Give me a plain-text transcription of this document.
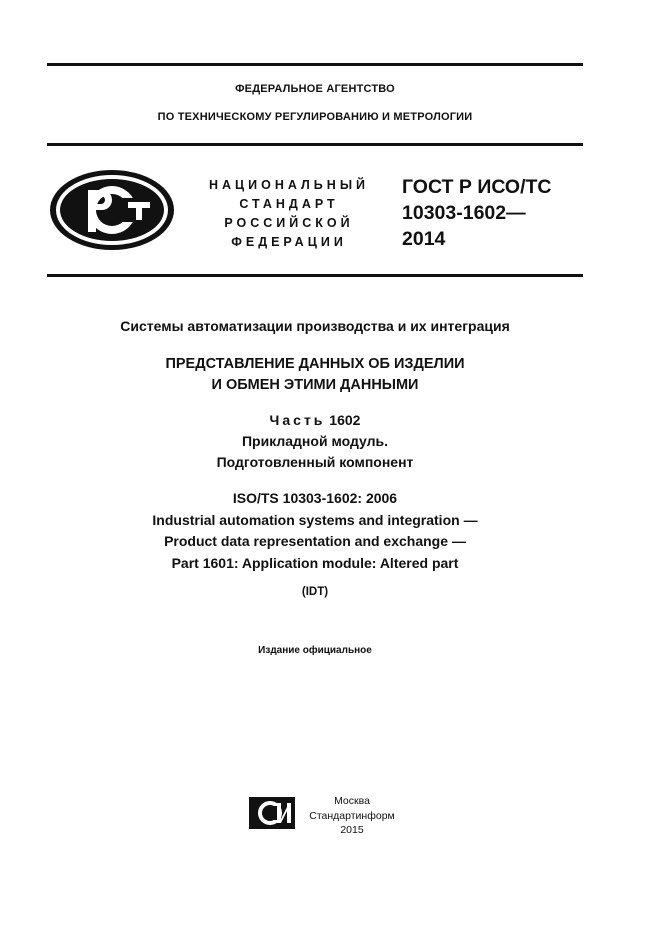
ФЕДЕРАЛЬНОЕ АГЕНТСТВО
ПО ТЕХНИЧЕСКОМУ РЕГУЛИРОВАНИЮ И МЕТРОЛОГИИ
НАЦИОНАЛЬНЫЙ
СТАНДАРТ
РОССИЙСКОЙ
ФЕДЕРАЦИИ
ГОСТ Р ИСО/ТС
10303-1602—
2014
Системы автоматизации производства и их интеграция
ПРЕДСТАВЛЕНИЕ ДАННЫХ ОБ ИЗДЕЛИИ
И ОБМЕН ЭТИМИ ДАННЫМИ
Часть 1602
Прикладной модуль.
Подготовленный компонент
ISO/TS 10303-1602: 2006
Industrial automation systems and integration —
Product data representation and exchange —
Part 1601: Application module: Altered part
(IDT)
Издание официальное
Москва
Стандартинформ
2015
